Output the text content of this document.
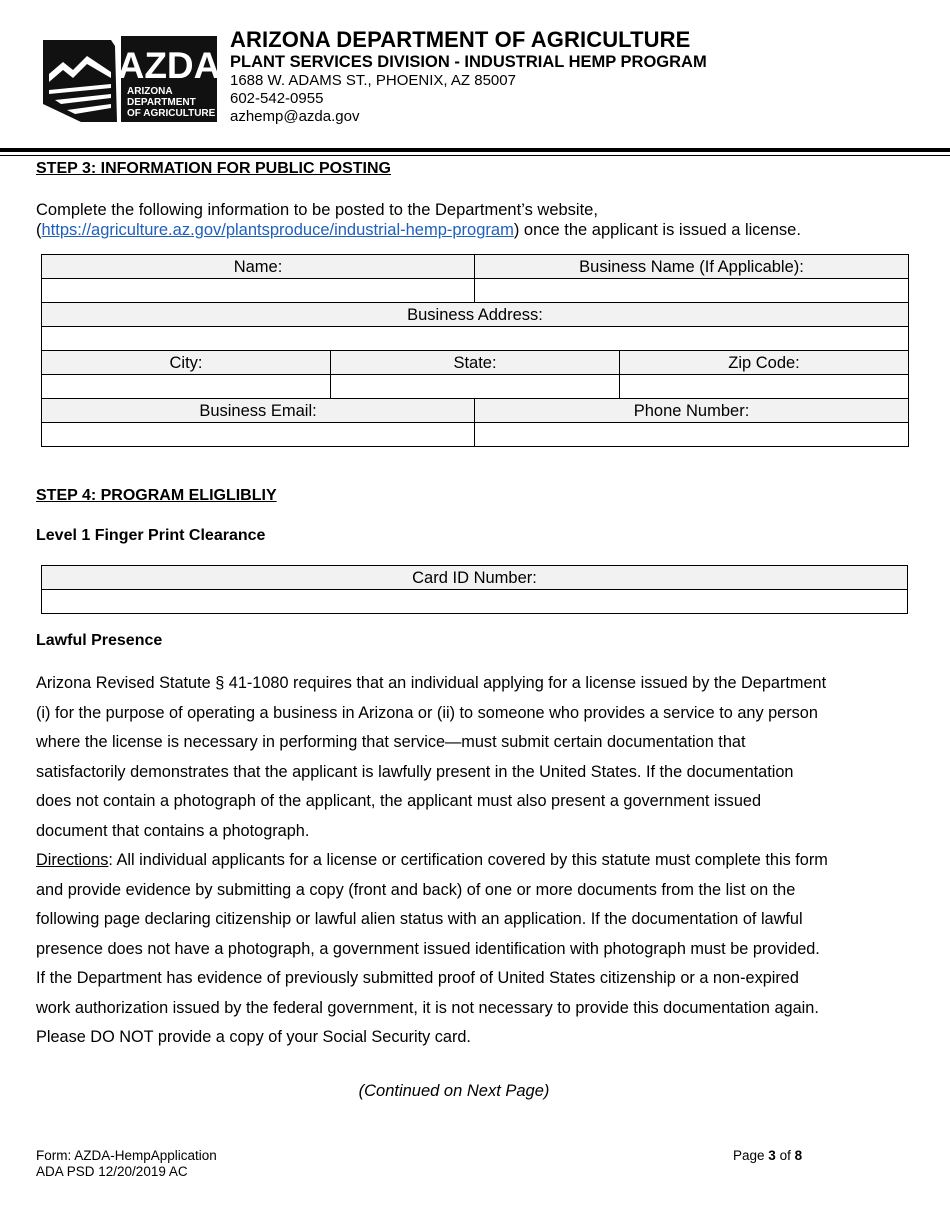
AZDA
ARIZONA
DEPARTMENT
OF AGRICULTURE
ARIZONA DEPARTMENT OF AGRICULTURE
PLANT SERVICES DIVISION - INDUSTRIAL HEMP PROGRAM
1688 W. ADAMS ST., PHOENIX, AZ 85007
602-542-0955
azhemp@azda.gov
STEP 3: INFORMATION FOR PUBLIC POSTING
Complete the following information to be posted to the Department’s website,
(https://agriculture.az.gov/plantsproduce/industrial-hemp-program) once the applicant is issued a license.
Name:		Business Name (If Applicable):	

Business Address:			

City:	State:		Zip Code:

Business Email:		Phone Number:	

STEP 4: PROGRAM ELIGLIBLIY
Level 1 Finger Print Clearance
Card ID Number:

Lawful Presence

Arizona Revised Statute § 41-1080 requires that an individual applying for a license issued by the Department

(i) for the purpose of operating a business in Arizona or (ii) to someone who provides a service to any person

where the license is necessary in performing that service—must submit certain documentation that

satisfactorily demonstrates that the applicant is lawfully present in the United States. If the documentation

does not contain a photograph of the applicant, the applicant must also present a government issued

document that contains a photograph.

Directions: All individual applicants for a license or certification covered by this statute must complete this form

and provide evidence by submitting a copy (front and back) of one or more documents from the list on the

following page declaring citizenship or lawful alien status with an application. If the documentation of lawful

presence does not have a photograph, a government issued identification with photograph must be provided.

If the Department has evidence of previously submitted proof of United States citizenship or a non-expired

work authorization issued by the federal government, it is not necessary to provide this documentation again.

Please DO NOT provide a copy of your Social Security card.

(Continued on Next Page)
Form: AZDA-HempApplication
ADA PSD 12/20/2019 AC
Page 3 of 8
